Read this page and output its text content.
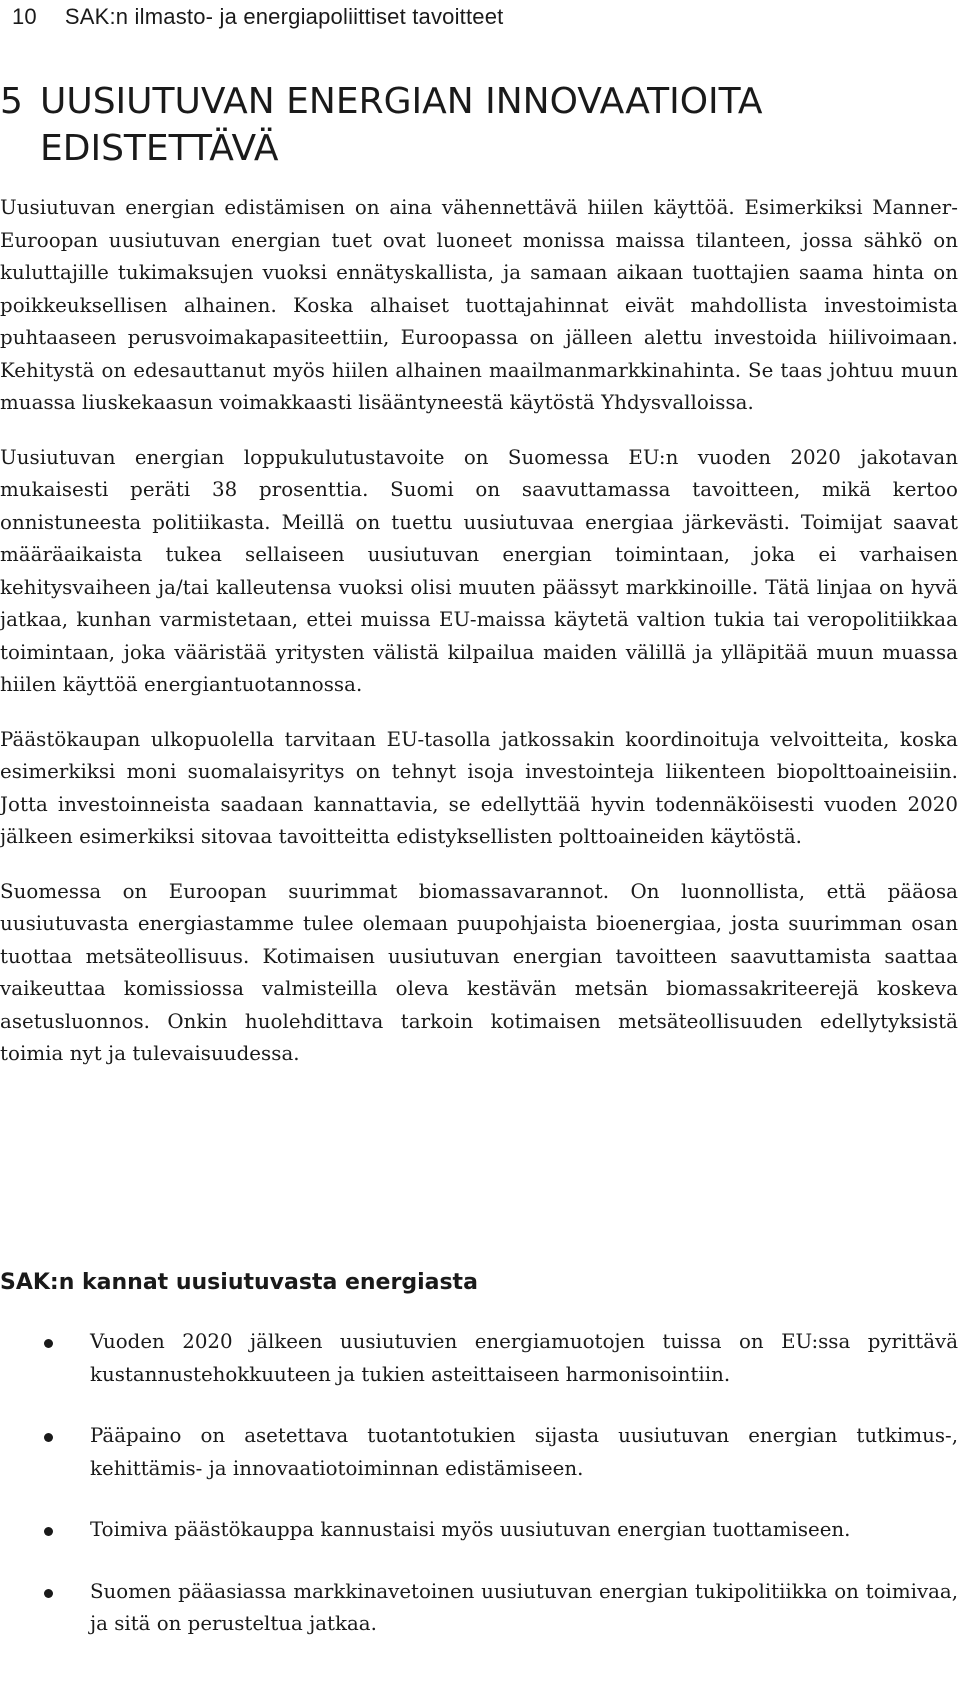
10 SAK:n ilmasto- ja energiapoliittiset tavoitteet
5 UUSIUTUVAN ENERGIAN INNOVAATIOITA
EDISTETTÄVÄ

Uusiutuvan energian edistämisen on aina vähennettävä hiilen käyttöä. Esimerkiksi Manner-Euroopan uusiutuvan energian tuet ovat luoneet monissa maissa tilanteen, jossa sähkö on kuluttajille tukimaksujen vuoksi ennätyskallista, ja samaan aikaan tuottajien saama hinta on poikkeuksellisen alhainen. Koska alhaiset tuottajahinnat eivät mahdollista investoimista puhtaaseen perusvoimakapasiteettiin, Euroopassa on jälleen alettu investoida hiilivoimaan. Kehitystä on edesauttanut myös hiilen alhainen maailmanmarkkinahinta. Se taas johtuu muun muassa liuskekaasun voimakkaasti lisääntyneestä käytöstä Yhdysvalloissa.

Uusiutuvan energian loppukulutustavoite on Suomessa EU:n vuoden 2020 jakotavan mukaisesti peräti 38 prosenttia. Suomi on saavuttamassa tavoitteen, mikä kertoo onnistuneesta politiikasta. Meillä on tuettu uusiutuvaa energiaa järkevästi. Toimijat saavat määräaikaista tukea sellaiseen uusiutuvan energian toimintaan, joka ei varhaisen kehitysvaiheen ja/tai kalleutensa vuoksi olisi muuten päässyt markkinoille. Tätä linjaa on hyvä jatkaa, kunhan varmistetaan, ettei muissa EU-maissa käytetä valtion tukia tai veropolitiikkaa toimintaan, joka vääristää yritysten välistä kilpailua maiden välillä ja ylläpitää muun muassa hiilen käyttöä energiantuotannossa.

Päästökaupan ulkopuolella tarvitaan EU-tasolla jatkossakin koordinoituja velvoitteita, koska esimerkiksi moni suomalaisyritys on tehnyt isoja investointeja liikenteen biopolttoaineisiin. Jotta investoinneista saadaan kannattavia, se edellyttää hyvin todennäköisesti vuoden 2020 jälkeen esimerkiksi sitovaa tavoitteitta edistyksellisten polttoaineiden käytöstä.

Suomessa on Euroopan suurimmat biomassavarannot. On luonnollista, että pääosa uusiutuvasta energiastamme tulee olemaan puupohjaista bioenergiaa, josta suurimman osan tuottaa metsäteollisuus. Kotimaisen uusiutuvan energian tavoitteen saavuttamista saattaa vaikeuttaa komissiossa valmisteilla oleva kestävän metsän biomassakriteerejä koskeva asetusluonnos. Onkin huolehdittava tarkoin kotimaisen metsäteollisuuden edellytyksistä toimia nyt ja tulevaisuudessa.

SAK:n kannat uusiutuvasta energiasta
Vuoden 2020 jälkeen uusiutuvien energiamuotojen tuissa on EU:ssa pyrittävä kustannustehokkuuteen ja tukien asteittaiseen harmonisointiin.
Pääpaino on asetettava tuotantotukien sijasta uusiutuvan energian tutkimus-, kehittämis- ja innovaatiotoiminnan edistämiseen.
Toimiva päästökauppa kannustaisi myös uusiutuvan energian tuottamiseen.
Suomen pääasiassa markkinavetoinen uusiutuvan energian tukipolitiikka on toimivaa, ja sitä on perusteltua jatkaa.
